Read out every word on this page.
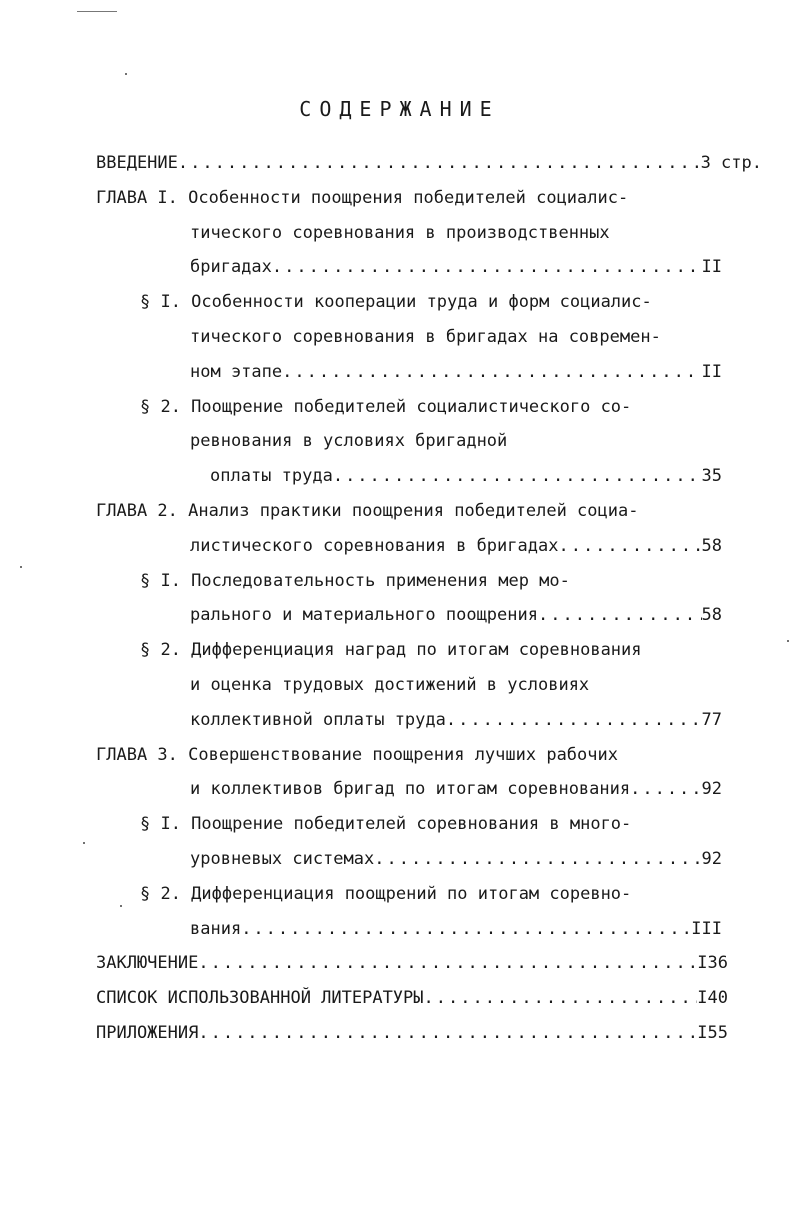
СОДЕРЖАНИЕ
ВВЕДЕНИЕ .....	3 стр.
ГЛАВА I. Особенности поощрения победителей социалис-
тического соревнования в производственных
бригадах .....	II
§ I. Особенности кооперации труда и форм социалис-
тического соревнования в бригадах на современ-
ном этапе .....	II
§ 2. Поощрение победителей социалистического со-
ревнования в условиях бригадной
оплаты труда .....	35
ГЛАВА 2. Анализ практики поощрения победителей социа-
листического соревнования в бригадах .....	58
§ I. Последовательность применения мер мо-
рального и материального поощрения .....	58
§ 2. Дифференциация наград по итогам соревнования
и оценка трудовых достижений в условиях
коллективной оплаты труда .....	77
ГЛАВА 3. Совершенствование поощрения лучших рабочих
и коллективов бригад по итогам соревнования .....	92
§ I. Поощрение победителей соревнования в много-
уровневых системах .....	92
§ 2. Дифференциация поощрений по итогам соревно-
вания .....	III
ЗАКЛЮЧЕНИЕ .....	I36
СПИСОК ИСПОЛЬЗОВАННОЙ ЛИТЕРАТУРЫ .....	I40
ПРИЛОЖЕНИЯ .....	I55
